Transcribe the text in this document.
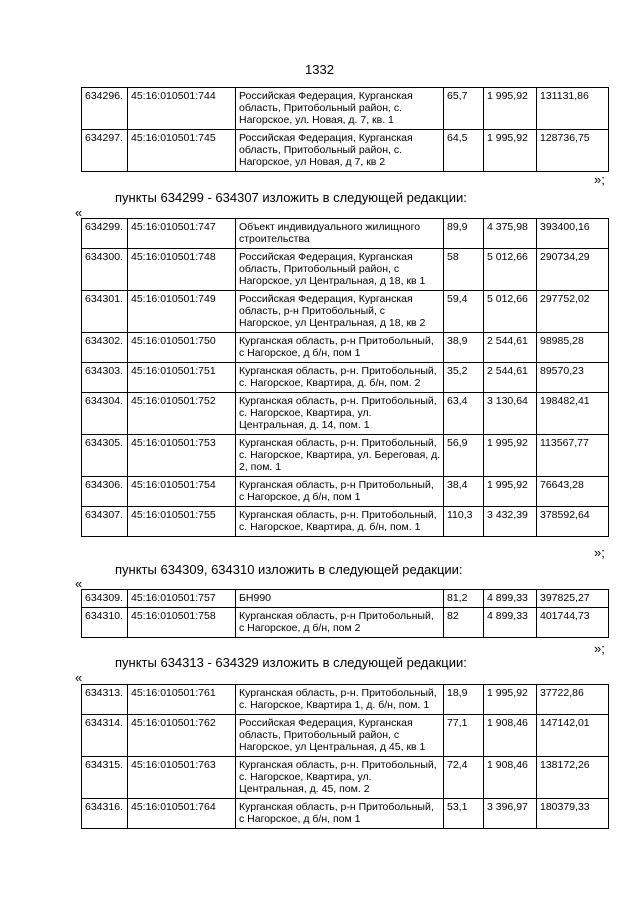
1332
634296.	45:16:010501:744	Российская Федерация, Курганская область, Притобольный район, с. Нагорское, ул. Новая, д. 7, кв. 1	65,7	1 995,92	131131,86
634297.	45:16:010501:745	Российская Федерация, Курганская область, Притобольный район, с. Нагорское, ул Новая, д 7, кв 2	64,5	1 995,92	128736,75
»;
пункты 634299 - 634307 изложить в следующей редакции:
«
634299.	45:16:010501:747	Объект индивидуального жилищного строительства	89,9	4 375,98	393400,16
634300.	45:16:010501:748	Российская Федерация, Курганская область, Притобольный район, с Нагорское, ул Центральная, д 18, кв 1	58	5 012,66	290734,29
634301.	45:16:010501:749	Российская Федерация, Курганская область, р-н Притобольный, с Нагорское, ул Центральная, д 18, кв 2	59,4	5 012,66	297752,02
634302.	45:16:010501:750	Курганская область, р-н Притобольный, с Нагорское, д б/н, пом 1	38,9	2 544,61	98985,28
634303.	45:16:010501:751	Курганская область, р-н. Притобольный, с. Нагорское, Квартира, д. б/н, пом. 2	35,2	2 544,61	89570,23
634304.	45:16:010501:752	Курганская область, р-н. Притобольный, с. Нагорское, Квартира, ул. Центральная, д. 14, пом. 1	63,4	3 130,64	198482,41
634305.	45:16:010501:753	Курганская область, р-н. Притобольный, с. Нагорское, Квартира, ул. Береговая, д. 2, пом. 1	56,9	1 995,92	113567,77
634306.	45:16:010501:754	Курганская область, р-н Притобольный, с Нагорское, д б/н, пом 1	38,4	1 995,92	76643,28
634307.	45:16:010501:755	Курганская область, р-н. Притобольный, с. Нагорское, Квартира, д. б/н, пом. 1	110,3	3 432,39	378592,64
»;
пункты 634309, 634310 изложить в следующей редакции:
«
634309.	45:16:010501:757	БН990	81,2	4 899,33	397825,27
634310.	45:16:010501:758	Курганская область, р-н Притобольный, с Нагорское, д б/н, пом 2	82	4 899,33	401744,73
»;
пункты 634313 - 634329 изложить в следующей редакции:
«
634313.	45:16:010501:761	Курганская область, р-н. Притобольный, с. Нагорское, Квартира 1, д. б/н, пом. 1	18,9	1 995,92	37722,86
634314.	45:16:010501:762	Российская Федерация, Курганская область, Притобольный район, с Нагорское, ул Центральная, д 45, кв 1	77,1	1 908,46	147142,01
634315.	45:16:010501:763	Курганская область, р-н. Притобольный, с. Нагорское, Квартира, ул. Центральная, д. 45, пом. 2	72,4	1 908,46	138172,26
634316.	45:16:010501:764	Курганская область, р-н Притобольный, с Нагорское, д б/н, пом 1	53,1	3 396,97	180379,33
